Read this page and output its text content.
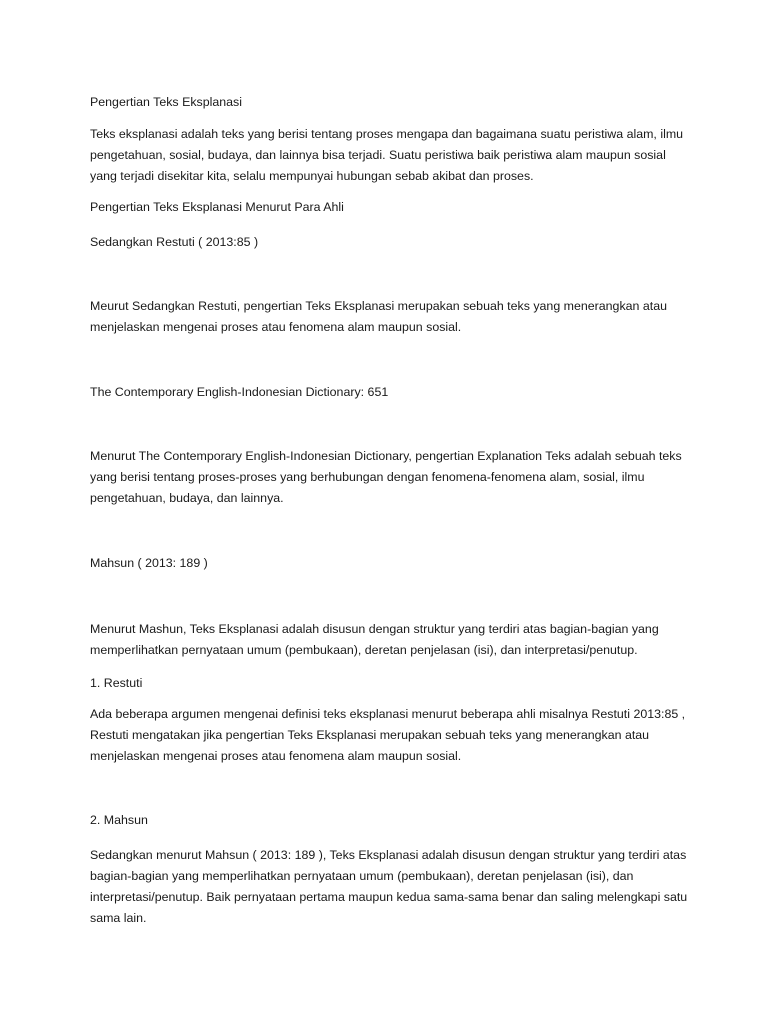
Pengertian Teks Eksplanasi

Teks eksplanasi adalah teks yang berisi tentang proses mengapa dan bagaimana suatu peristiwa alam, ilmu pengetahuan, sosial, budaya, dan lainnya bisa terjadi. Suatu peristiwa baik peristiwa alam maupun sosial yang terjadi disekitar kita, selalu mempunyai hubungan sebab akibat dan proses.

Pengertian Teks Eksplanasi Menurut Para Ahli

Sedangkan Restuti ( 2013:85 )

Meurut Sedangkan Restuti, pengertian Teks Eksplanasi merupakan sebuah teks yang menerangkan atau menjelaskan mengenai proses atau fenomena alam maupun sosial.

The Contemporary English-Indonesian Dictionary: 651

Menurut The Contemporary English-Indonesian Dictionary, pengertian Explanation Teks adalah sebuah teks yang berisi tentang proses-proses yang berhubungan dengan fenomena-fenomena alam, sosial, ilmu pengetahuan, budaya, dan lainnya.

Mahsun ( 2013: 189 )

Menurut Mashun, Teks Eksplanasi adalah disusun dengan struktur yang terdiri atas bagian-bagian yang memperlihatkan pernyataan umum (pembukaan), deretan penjelasan (isi), dan interpretasi/penutup.

1. Restuti

Ada beberapa argumen mengenai definisi teks eksplanasi menurut beberapa ahli misalnya Restuti 2013:85 , Restuti mengatakan jika pengertian Teks Eksplanasi merupakan sebuah teks yang menerangkan atau menjelaskan mengenai proses atau fenomena alam maupun sosial.

2. Mahsun

Sedangkan menurut Mahsun ( 2013: 189 ), Teks Eksplanasi adalah disusun dengan struktur yang terdiri atas bagian-bagian yang memperlihatkan pernyataan umum (pembukaan), deretan penjelasan (isi), dan interpretasi/penutup. Baik pernyataan pertama maupun kedua sama-sama benar dan saling melengkapi satu sama lain.
